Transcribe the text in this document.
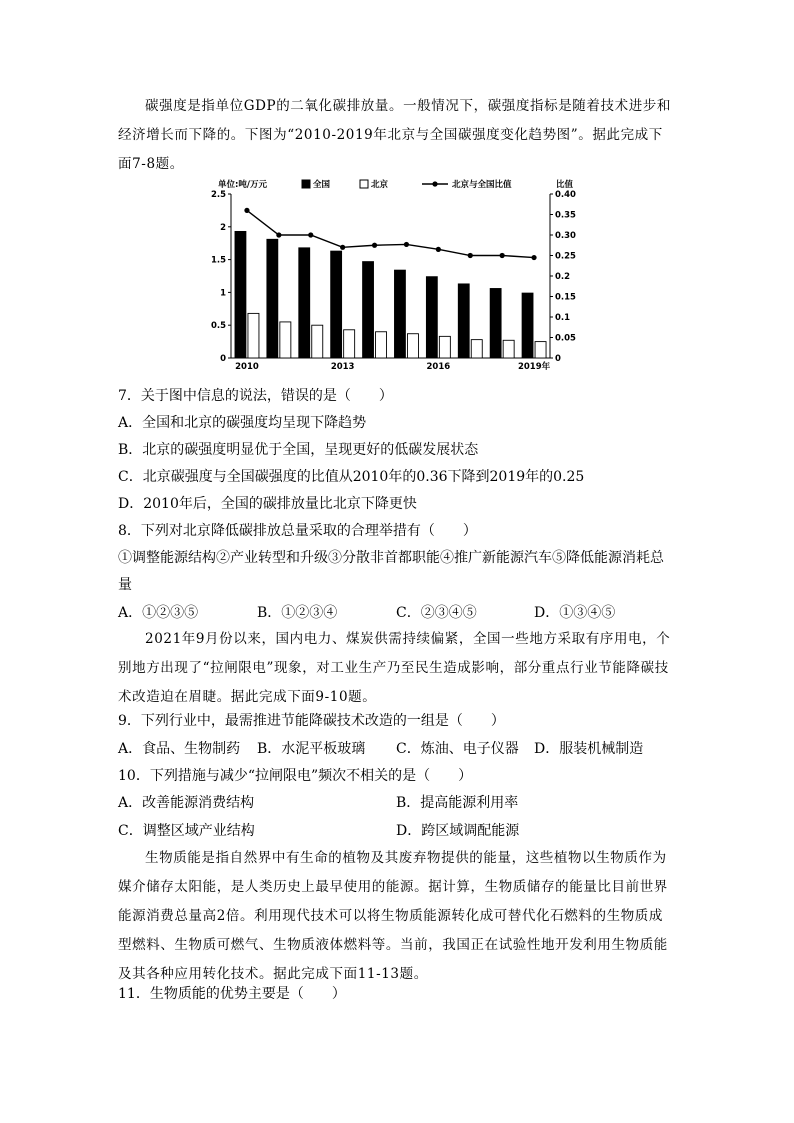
碳强度是指单位GDP的二氧化碳排放量。一般情况下，碳强度指标是随着技术进步和经济增长而下降的。下图为“2010-2019年北京与全国碳强度变化趋势图”。据此完成下面7-8题。
单位:吨/万元	比值
全国	北京	北京与全国比值
0
0.5
1
1.5
2
2.5
0
0.05
0.1
0.15
0.2
0.25
0.30
0.35
0.40
2010	2013	2016	2019年
7．关于图中信息的说法，错误的是（　　）
A．全国和北京的碳强度均呈现下降趋势
B．北京的碳强度明显优于全国，呈现更好的低碳发展状态
C．北京碳强度与全国碳强度的比值从2010年的0.36下降到2019年的0.25
D．2010年后，全国的碳排放量比北京下降更快
8．下列对北京降低碳排放总量采取的合理举措有（　　）
①调整能源结构②产业转型和升级③分散非首都职能④推广新能源汽车⑤降低能源消耗总
量
A．①②③⑤	B．①②③④	C．②③④⑤	D．①③④⑤
2021年9月份以来，国内电力、煤炭供需持续偏紧，全国一些地方采取有序用电，个别地方出现了“拉闸限电”现象，对工业生产乃至民生造成影响，部分重点行业节能降碳技术改造迫在眉睫。据此完成下面9-10题。
9．下列行业中，最需推进节能降碳技术改造的一组是（　　）
A．食品、生物制药 B．水泥平板玻璃 C．炼油、电子仪器 D．服装机械制造
10．下列措施与减少“拉闸限电”频次不相关的是（　　）
A．改善能源消费结构	B．提高能源利用率
C．调整区域产业结构	D．跨区域调配能源
生物质能是指自然界中有生命的植物及其废弃物提供的能量，这些植物以生物质作为媒介储存太阳能，是人类历史上最早使用的能源。据计算，生物质储存的能量比目前世界能源消费总量高2倍。利用现代技术可以将生物质能源转化成可替代化石燃料的生物质成型燃料、生物质可燃气、生物质液体燃料等。当前，我国正在试验性地开发利用生物质能及其各种应用转化技术。据此完成下面11-13题。
11．生物质能的优势主要是（　　）
